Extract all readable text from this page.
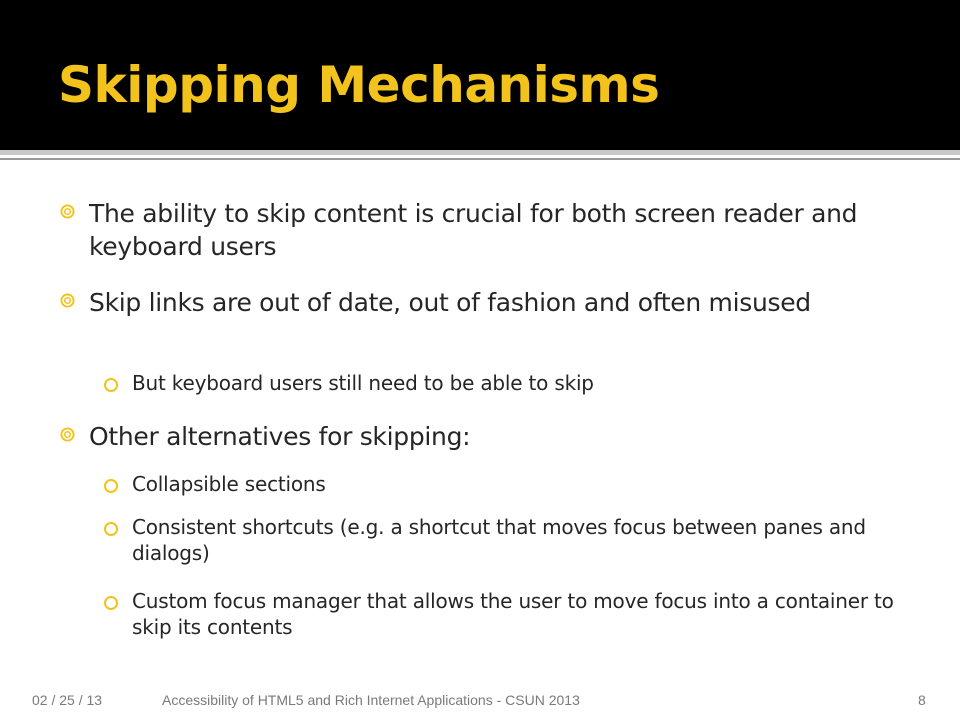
Skipping Mechanisms
The ability to skip content is crucial for both screen reader and keyboard users
Skip links are out of date, out of fashion and often misused
But keyboard users still need to be able to skip
Other alternatives for skipping:
Collapsible sections
Consistent shortcuts (e.g. a shortcut that moves focus between panes and dialogs)
Custom focus manager that allows the user to move focus into a container to skip its contents
02 / 25 / 13	Accessibility of HTML5 and Rich Internet Applications - CSUN 2013	8
